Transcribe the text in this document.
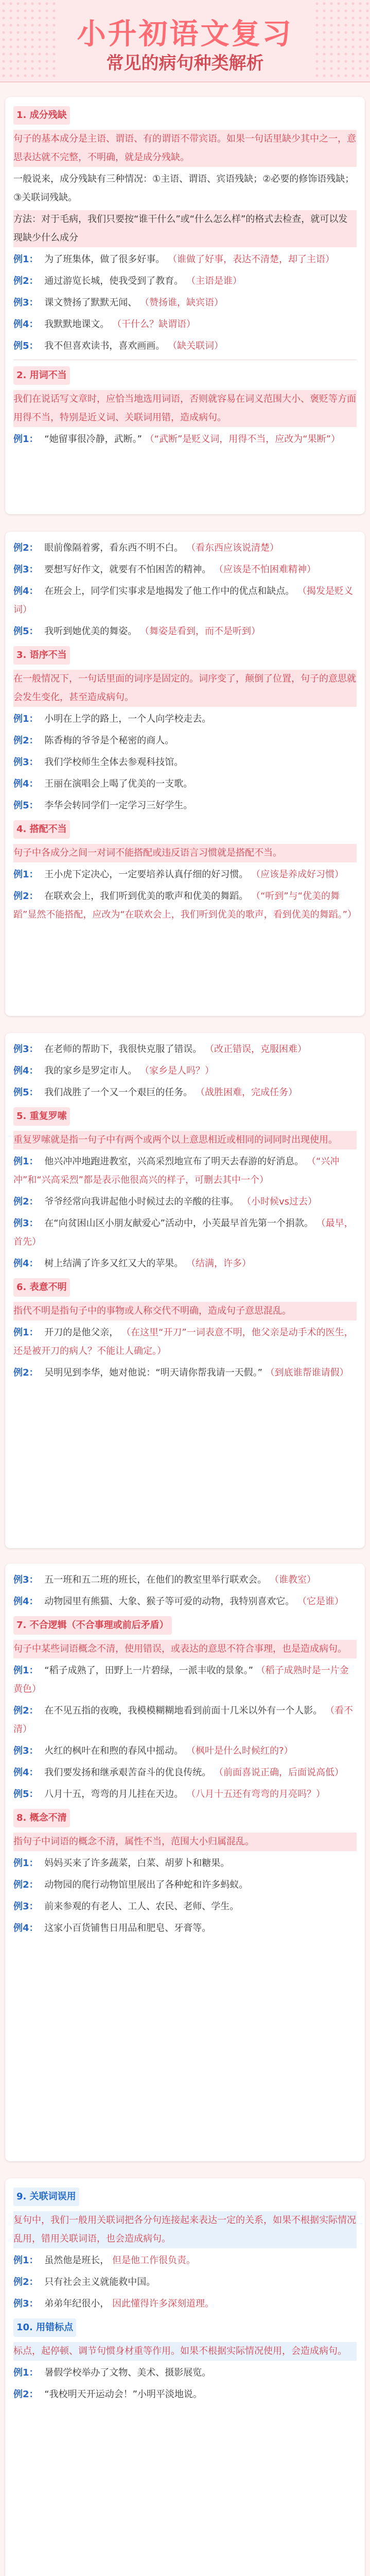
小升初语文复习
常见的病句种类解析
1. 成分残缺
句子的基本成分是主语、谓语、有的谓语不带宾语。如果一句话里缺少其中之一，意思表达就不完整，不明确，就是成分残缺。
一般说来，成分残缺有三种情况：①主语、谓语、宾语残缺；②必要的修饰语残缺；③关联词残缺。
方法：对于毛病，我们只要按“谁干什么”或“什么怎么样”的格式去检查，就可以发现缺少什么成分
例1： 为了班集体，做了很多好事。 （谁做了好事，表达不清楚，却了主语）
例2： 通过游览长城，使我受到了教育。 （主语是谁）
例3： 课文赞扬了默默无闻、 （赞扬谁，缺宾语）
例4： 我默默地课文。 （干什么？缺谓语）
例5： 我不但喜欢读书，喜欢画画。 （缺关联词）
2. 用词不当
我们在说话写文章时，应恰当地选用词语，否则就容易在词义范围大小、褒贬等方面用得不当，特别是近义词、关联词用错，造成病句。
例1： “她留事很冷静，武断。” （“武断”是贬义词，用得不当，应改为“果断”）
例2： 眼前像隔着雾，看东西不明不白。 （看东西应该说清楚）
例3： 要想写好作文，就要有不怕困苦的精神。 （应该是不怕困难精神）
例4： 在班会上，同学们实事求是地揭发了他工作中的优点和缺点。 （揭发是贬义词）
例5： 我听到她优美的舞姿。 （舞姿是看到，而不是听到）
3. 语序不当
在一般情况下，一句话里面的词序是固定的。词序变了，颠倒了位置，句子的意思就会发生变化，甚至造成病句。
例1： 小明在上学的路上，一个人向学校走去。
例2： 陈香梅的爷爷是个秘密的商人。
例3： 我们学校师生全体去参观科技馆。
例4： 王丽在演唱会上喝了优美的一支歌。
例5： 李华会转同学们一定学习三好学生。
4. 搭配不当
句子中各成分之间一对词不能搭配或违反语言习惯就是搭配不当。
例1： 王小虎下定决心，一定要培养认真仔细的好习惯。 （应该是养成好习惯）
例2： 在联欢会上，我们听到优美的歌声和优美的舞蹈。 （“听到”与“优美的舞蹈”显然不能搭配，应改为“在联欢会上，我们听到优美的歌声，看到优美的舞蹈。”）
例3： 在老师的帮助下，我很快克服了错误。 （改正错误，克服困难）
例4： 我的家乡是罗定市人。 （家乡是人吗？）
例5： 我们战胜了一个又一个艰巨的任务。 （战胜困难，完成任务）
5. 重复罗嗦
重复罗嗦就是指一句子中有两个或两个以上意思相近或相同的词同时出现使用。
例1： 他兴冲冲地跑进教室，兴高采烈地宣布了明天去春游的好消息。 （“兴冲冲”和“兴高采烈”都是表示他很高兴的样子，可删去其中一个）
例2： 爷爷经常向我讲起他小时候过去的辛酸的往事。 （小时候vs过去）
例3： 在“向贫困山区小朋友献爱心”活动中，小芙最早首先第一个捐款。 （最早，首先）
例4： 树上结满了许多又红又大的苹果。 （结满，许多）
6. 表意不明
指代不明是指句子中的事物或人称交代不明确，造成句子意思混乱。
例1： 开刀的是他父亲， （在这里“开刀”一词表意不明，他父亲是动手术的医生，还是被开刀的病人？不能让人确定。）
例2： 吴明见到李华，她对他说：“明天请你帮我请一天假。” （到底谁帮谁请假）
例3： 五一班和五二班的班长，在他们的教室里举行联欢会。 （谁教室）
例4： 动物园里有熊猫、大象、猴子等可爱的动物，我特别喜欢它。 （它是谁）
7. 不合逻辑（不合事理或前后矛盾）
句子中某些词语概念不清，使用错误，或表达的意思不符合事理，也是造成病句。
例1： “稻子成熟了，田野上一片碧绿，一派丰收的景象。” （稻子成熟时是一片金黄色）
例2： 在不见五指的夜晚，我模模糊糊地看到前面十几米以外有一个人影。 （看不清）
例3： 火红的枫叶在和煦的春风中摇动。 （枫叶是什么时候红的?）
例4： 我们要发扬和继承艰苦奋斗的优良传统。 （前面喜说正确，后面说高低）
例5： 八月十五，弯弯的月儿挂在天边。 （八月十五还有弯弯的月亮吗？）
8. 概念不清
指句子中词语的概念不清，属性不当，范围大小归属混乱。
例1： 妈妈买来了许多蔬菜，白菜、胡萝卜和糖果。
例2： 动物园的爬行动物馆里展出了各种蛇和许多蚂蚁。
例3： 前来参观的有老人、工人、农民、老师、学生。
例4： 这家小百货铺售日用品和肥皂、牙膏等。
9. 关联词误用
复句中，我们一般用关联词把各分句连接起来表达一定的关系，如果不根据实际情况乱用，错用关联词语，也会造成病句。
例1： 虽然他是班长， 但是他工作很负责。
例2： 只有社会主义就能救中国。
例3： 弟弟年纪很小， 因此懂得许多深刻道理。
10. 用错标点
标点，起停顿、调节句惯身材重等作用。如果不根据实际情况使用，会造成病句。
例1： 暑假学校举办了文物、美术、摄影展览。
例2： “我校明天开运动会！”小明平淡地说。
